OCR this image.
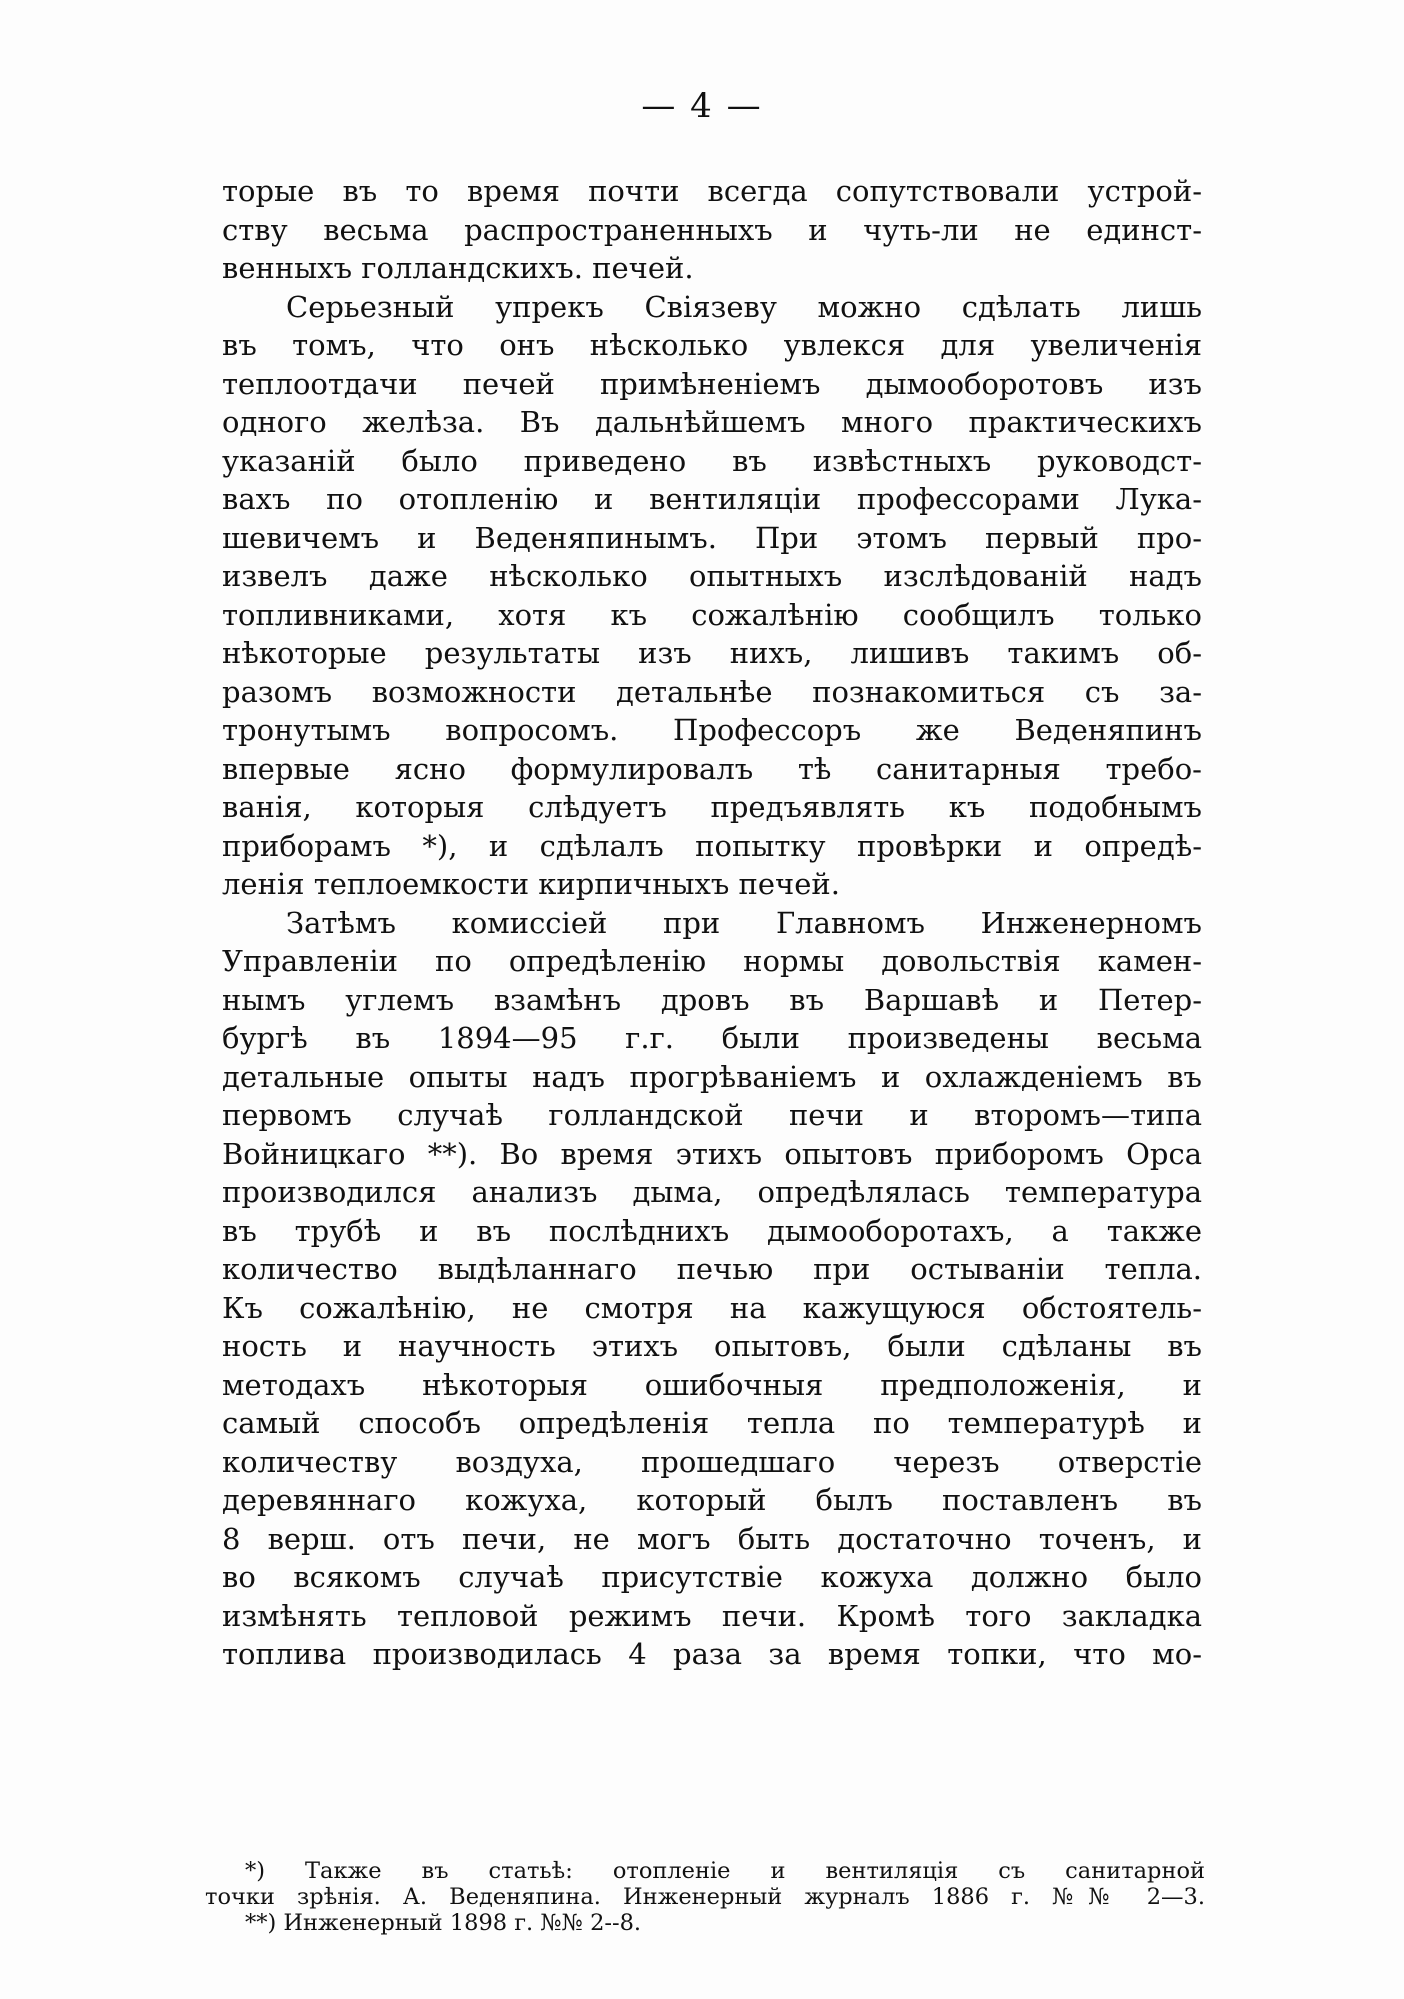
— 4 —
торые въ то время почти всегда сопутствовали устрой-
ству весьма распространенныхъ и чуть-ли не единст-
венныхъ голландскихъ. печей.
Серьезный упрекъ Свіязеву можно сдѣлать лишь
въ томъ, что онъ нѣсколько увлекся для увеличенія
теплоотдачи печей примѣненіемъ дымооборотовъ изъ
одного желѣза. Въ дальнѣйшемъ много практическихъ
указаній было приведено въ извѣстныхъ руководст-
вахъ по отопленію и вентиляціи профессорами Лука-
шевичемъ и Веденяпинымъ. При этомъ первый про-
извелъ даже нѣсколько опытныхъ изслѣдованій надъ
топливниками, хотя къ сожалѣнію сообщилъ только
нѣкоторые результаты изъ нихъ, лишивъ такимъ об-
разомъ возможности детальнѣе познакомиться съ за-
тронутымъ вопросомъ. Профессоръ же Веденяпинъ
впервые ясно формулировалъ тѣ санитарныя требо-
ванія, которыя слѣдуетъ предъявлять къ подобнымъ
приборамъ *), и сдѣлалъ попытку провѣрки и опредѣ-
ленія теплоемкости кирпичныхъ печей.
Затѣмъ комиссіей при Главномъ Инженерномъ
Управленіи по опредѣленію нормы довольствія камен-
нымъ углемъ взамѣнъ дровъ въ Варшавѣ и Петер-
бургѣ въ 1894—95 г.г. были произведены весьма
детальные опыты надъ прогрѣваніемъ и охлажденіемъ въ
первомъ случаѣ голландской печи и второмъ—типа
Войницкаго **). Во время этихъ опытовъ приборомъ Орса
производился анализъ дыма, опредѣлялась температура
въ трубѣ и въ послѣднихъ дымооборотахъ, а также
количество выдѣланнаго печью при остываніи тепла.
Къ сожалѣнію, не смотря на кажущуюся обстоятель-
ность и научность этихъ опытовъ, были сдѣланы въ
методахъ нѣкоторыя ошибочныя предположенія, и
самый способъ опредѣленія тепла по температурѣ и
количеству воздуха, прошедшаго черезъ отверстіе
деревяннаго кожуха, который былъ поставленъ въ
8 верш. отъ печи, не могъ быть достаточно точенъ, и
во всякомъ случаѣ присутствіе кожуха должно было
измѣнять тепловой режимъ печи. Кромѣ того закладка
топлива производилась 4 раза за время топки, что мо-
*) Также въ статьѣ: отопленіе и вентиляція съ санитарной
точки зрѣнія. А. Веденяпина. Инженерный журналъ 1886 г. №№ 2—3.
**) Инженерный 1898 г. №№ 2--8.
